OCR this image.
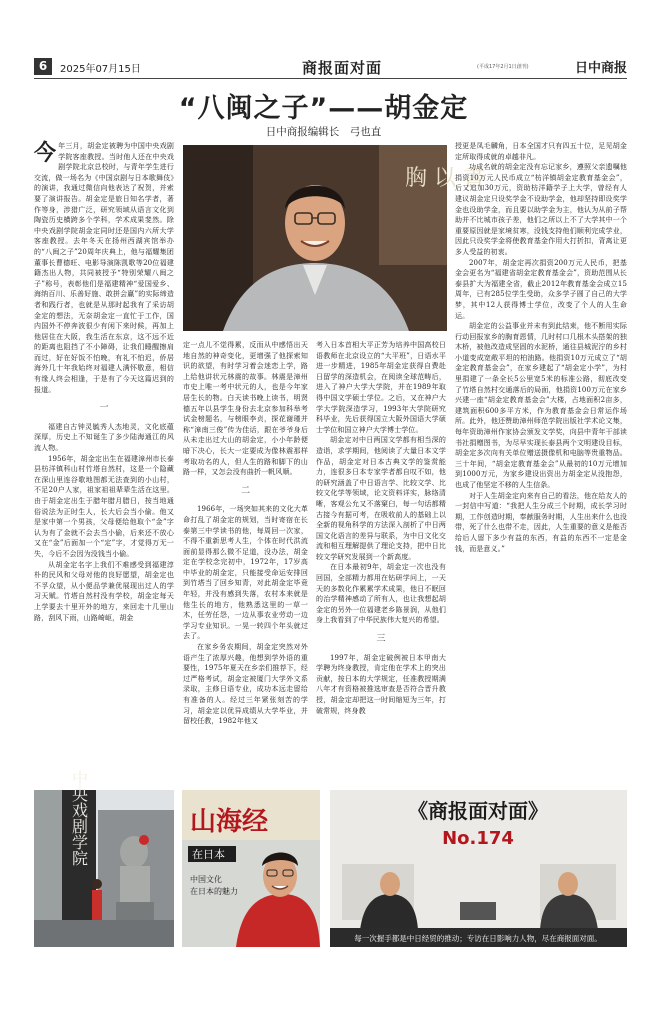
6	2025年07月15日	商报面对面	(平成17年2月1日創刊)	日中商报
“八闽之子”——胡金定
日中商报编辑长　弓也直
今 年三月，胡金定被聘为中国中央戏剧学院客座教授。当时他人还在中央戏剧学院北京总校时，与青年学生进行交流，做一场名为《中国京剧与日本歌舞伎》的演讲，我通过微信向他表达了祝贺，并索要了演讲报告。胡金定是旅日知名学者，著作等身，涉猎广泛，研究领域从语言文化到陶瓷历史横跨多个学科，学术成果斐然。除中央戏剧学院胡金定同时还是国内六所大学客座教授。去年冬天在扬州西湖宾馆举办的“八闽之子”20周年庆典上，他与福耀集团董事长曹德旺、电影导演陈凯歌等20位福建籍杰出人物，共同被授予“特别荣耀八闽之子”称号，表彰他们是福建精神“爱国爱乡、海纳百川、乐善好施、敢拼会赢”的实际缔造者和践行者，也就是从那时起我有了采访胡金定的想法，无奈胡金定一直忙于工作，国内国外不停奔波很少有闲下来时候，再加上他居住在大阪，我生活在东京，这不远不近的距离也阻挡了不小障碍，让我们睡醒擦肩而过，好在好饭不怕晚，有礼不怕迟，侨居海外几十年我始终对福建人满怀敬意，相信有缘人终会相逢，于是有了今天这篇迟到的报道。

一

福建自古钟灵毓秀人杰地灵，文化底蕴深厚，历史上不知诞生了多少陆海通江的风流人物。

1956年，胡金定出生在福建漳州市长泰县枋洋镇科山村竹塔自然村，这是一个隐藏在深山里连谷歌地图都无法查到的小山村，不足20户人家，祖家祖祖辈辈生活在这里。由于胡金定出生于腊年腊月腊日，按当地通俗说法为正时生人，长大后会当小偷。他又是家中第一个男孩，父母便给他取个“金”字认为有了金就不会去当小偷，后来还不放心又在“金”后面加一个“定”字，才觉得万无一失，今后不会因为没钱当小偷。

从胡金定名字上我们不难感受到福建淳朴的民风和父母对他的良好愿望，胡金定也不孚众望，从小便品学兼优展现出过人的学习天赋。竹塔自然村没有学校，胡金定每天上学要去十里开外的地方，来回走十几里山路，刮风下雨，山路崎岖，胡金

胸 以 書

定一点儿不觉得累，反而从中感悟出天地自然的神奇变化，更增强了他探索知识的欲望，有时学习着会迷恋上学，路上给他讲状元林震的故事。林震是漳州市史上唯一考中状元的人，也是今年家居生长的物。白天读书晚上读书，明贤德五年以县学生身份去北京参加科举考试金榜题名，与榜眼李贞，探花谢瑾并称“漳南三俊”传为佳话，跟在爷爷身后从未走出过大山的胡金定，小小年龄便暗下决心，长大一定要成为像林震那样考取功名的人，但人生的路和脚下的山路一样，又怎会没有曲折一帆风顺。

二

1966年，一场突如其来的文化大革命打乱了胡金定的规划，当时寄宿在长泰第三中学读书的他，每周回一次家，不得不重新思考人生，个体在时代洪流面前显得那么微不足道，没办法，胡金定在学校念完初中，1972年，17岁高中毕业的胡金定，只能接受命运安排回到竹塔当了回乡知青，对此胡金定毕竟年轻，并没有感到失落，农村本来就是他生长的地方，他熟悉这里的一草一木，任劳任怨，一边从事农业劳动一边学习专业知识。一晃一转四个年头就过去了。

在家乡务农期间，胡金定突然对外语产生了浓厚兴趣，他想到学外语的重要性，1975年夏天在乡亲们推荐下，经过严格考试，胡金定被厦门大学外文系录取，主修日语专业，成功本远走留给有准备的人。经过三年紧张刻苦的学习，胡金定以优异成绩从大学毕业，并留校任教，1982年他又

考入日本首相大平正芳为培养中国高校日语教师在北京设立的“大平班”，日语水平进一步精进，1985年胡金定获得自费赴日留学的深造机会，在阅读全球范畴后，进入了神户大学大学院，并在1989年取得中国文学硕士学位。之后，又在神户大学大学院深造学习，1993年大学院研究科毕业，先后获得国立大阪外国语大学硕士学位和国立神户大学博士学位。

胡金定对中日两国文学都有相当深的造诣，求学期间，他阅读了大量日本文学作品，胡金定对日本古典文学的鉴赏能力，连很多日本专家学者都自叹不如，他的研究涵盖了中日语言学、比较文学、比较文化学等领域，论文资料详实，脉络清晰，客观公允又不落窠臼，每一句话都精古接今有据可考，在吸收前人的基础上以全新的视角科学的方法深入剖析了中日两国文化语言的差异与联系，为中日文化交流和相互理解提供了理论支持，把中日比较文学研究发展到一个新高度。

在日本最初9年，胡金定一次也没有回国，全部精力都用在钻研学问上，一天天的多数化作累累学术成果，他日不眠回的治学精神感动了所有人，也让我想起胡金定的另外一位福建老乡陈景润，从他们身上我看到了中华民族伟大复兴的希望。

三

1997年，胡金定破例被日本甲南大学聘为终身教授，肯定他在学术上的突出贡献，按日本的大学规定，任准教授期满八年才有资格被推选审查是否符合晋升教授，胡金定却把这一时间缩短为三年，打破常规，终身教

授更是凤毛麟角，日本全国才只有四五十位，足见胡金定所取得成就的卓越非凡。

功成名就的胡金定没有忘记家乡，遵照父亲遗嘱他捐资10万元人民币成立“枋洋镇胡金定教育基金会”，后又追加30万元，资助枋洋籍学子上大学，曾经有人建议胡金定只设奖学金不设助学金，他却坚持即设奖学金也设助学金，而且要以助学金为主，他认为从前子帮助并不比城市孩子差，他们之所以上不了大学其中一个重要原因就是家境贫寒，没钱支持他们顺利完成学业，因此只设奖学金将使教育基金作用大打折扣，背离让更多人受益的初衷。

2007年，胡金定再次捐资200万元人民币，把基金会更名为“福建省胡金定教育基金会”，资助范围从长泰县扩大为福建全省，截止2012年教育基金会成立15周年，已有285位学生受助，众多学子圆了自己的大学梦，其中12人获得博士学位，改变了个人的人生命运。

胡金定的公益事业并未有到此结束，他不断用实际行动回报家乡的胸育恩情，几时村口几根木头搭架的独木桥，被他改造成坚固的水泥桥，通往县城泥泞的乡村小道变成宽敞平坦的柏油路。他捐资10万元成立了“胡金定教育基金会”，在家乡建起了“胡金定小学”，为村里捐建了一条全长5公里宽5米的标准公路，彻底改变了竹塔自然村交通落后的局面，他捐资100万元在家乡兴建一座“胡金定教育基金会”大楼，占地面积2亩多，建筑面积600多平方米，作为教育基金会日常运作场所。此外，他还赞助漳州师范学院出版社学术论文集，每年资助漳州作家协会颁发文学奖，向县中青年干部读书社捐赠图书，为尽早实现长泰县两个文明建设目标，胡金定多次向有关单位赠送摄像机和电脑等贵重物品。三十年间，“胡金定教育基金会”从最初的10万元增加到1000万元，为家乡建设出资出力胡金定从没抱怨，也成了他坚定不移的人生信条。

对于人生胡金定向来有自己的看法，他在给友人的一封信中写道：“我把人生分成三个时期，成长学习时期，工作创造时期，奉献服务时期，人生出来什么也没带，死了什么也带不走，因此，人生重要的意义是能否给后人留下多少有益的东西，有益的东西不一定是金钱，而是意义。”

中央戏剧学院	山海经
在日本
中国文化
在日本的魅力
《商报面对面》
No.174
每一次握手都是中日经贸的推动；专访在日影响力人物，尽在商报面对面。
